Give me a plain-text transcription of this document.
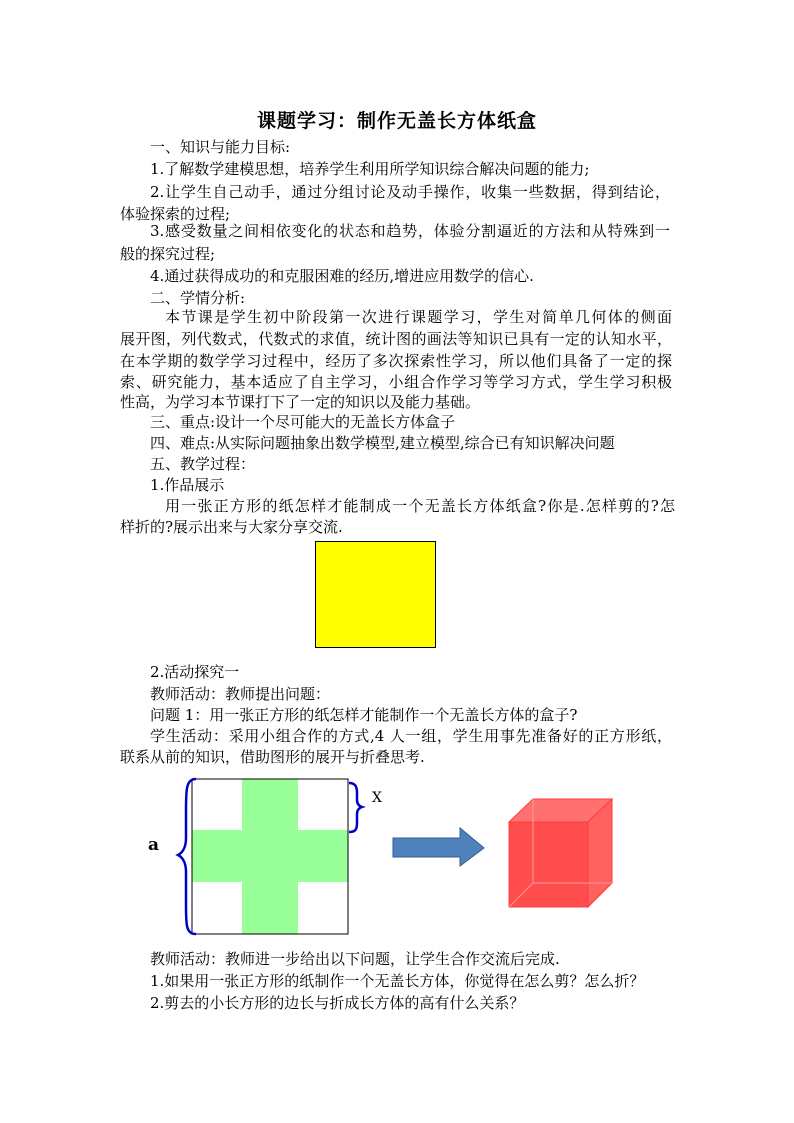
课题学习：制作无盖长方体纸盒
一、知识与能力目标:
1.了解数学建模思想，培养学生利用所学知识综合解决问题的能力;
2.让学生自己动手，通过分组讨论及动手操作，收集一些数据，得到结论，
体验探索的过程;
3.感受数量之间相依变化的状态和趋势，体验分割逼近的方法和从特殊到一
般的探究过程;
4.通过获得成功的和克服困难的经历,增进应用数学的信心.
二、学情分析:
本节课是学生初中阶段第一次进行课题学习，学生对简单几何体的侧面
展开图，列代数式，代数式的求值，统计图的画法等知识已具有一定的认知水平，
在本学期的数学学习过程中，经历了多次探索性学习，所以他们具备了一定的探
索、研究能力，基本适应了自主学习，小组合作学习等学习方式，学生学习积极
性高，为学习本节课打下了一定的知识以及能力基础。
三、重点:设计一个尽可能大的无盖长方体盒子
四、难点:从实际问题抽象出数学模型,建立模型,综合已有知识解决问题
五、教学过程：
1.作品展示
用一张正方形的纸怎样才能制成一个无盖长方体纸盒?你是.怎样剪的?怎
样折的?展示出来与大家分享交流.
2.活动探究一
教师活动：教师提出问题：
问题 1：用一张正方形的纸怎样才能制作一个无盖长方体的盒子?
学生活动：采用小组合作的方式,4 人一组，学生用事先准备好的正方形纸，
联系从前的知识，借助图形的展开与折叠思考.
a
X
教师活动：教师进一步给出以下问题，让学生合作交流后完成.
1.如果用一张正方形的纸制作一个无盖长方体，你觉得在怎么剪？怎么折？
2.剪去的小长方形的边长与折成长方体的高有什么关系？
